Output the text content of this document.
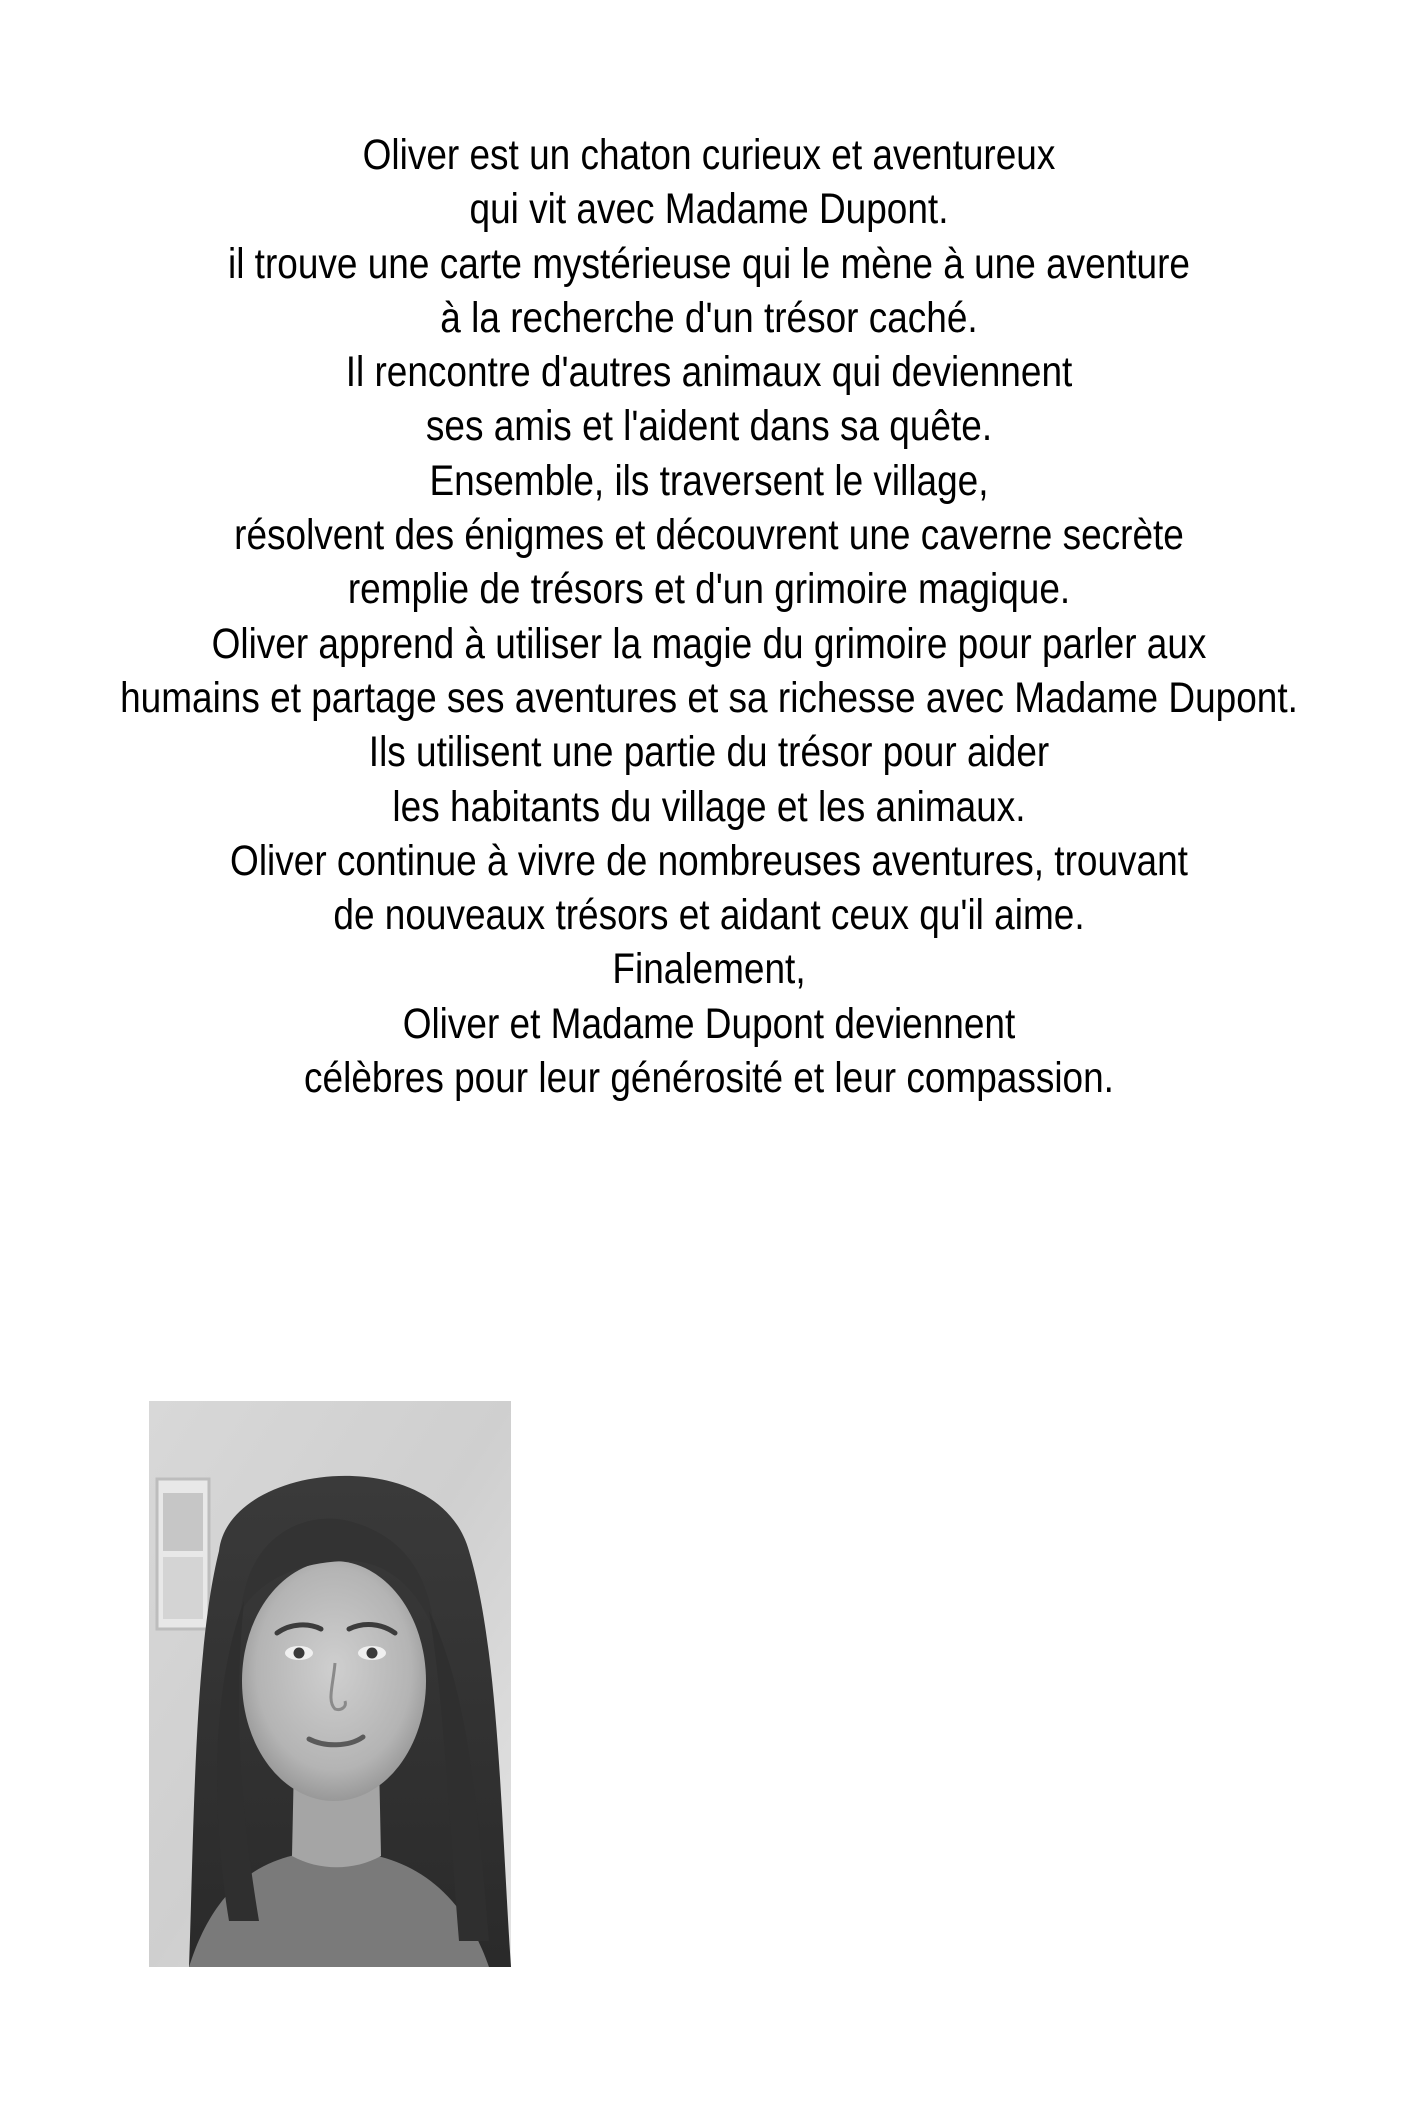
Oliver est un chaton curieux et aventureux
qui vit avec Madame Dupont.
il trouve une carte mystérieuse qui le mène à une aventure
à la recherche d'un trésor caché.
Il rencontre d'autres animaux qui deviennent
ses amis et l'aident dans sa quête.
Ensemble, ils traversent le village,
résolvent des énigmes et découvrent une caverne secrète
remplie de trésors et d'un grimoire magique.
Oliver apprend à utiliser la magie du grimoire pour parler aux
humains et partage ses aventures et sa richesse avec Madame Dupont.
Ils utilisent une partie du trésor pour aider
les habitants du village et les animaux.
Oliver continue à vivre de nombreuses aventures, trouvant
de nouveaux trésors et aidant ceux qu'il aime.
Finalement,
Oliver et Madame Dupont deviennent
célèbres pour leur générosité et leur compassion.
